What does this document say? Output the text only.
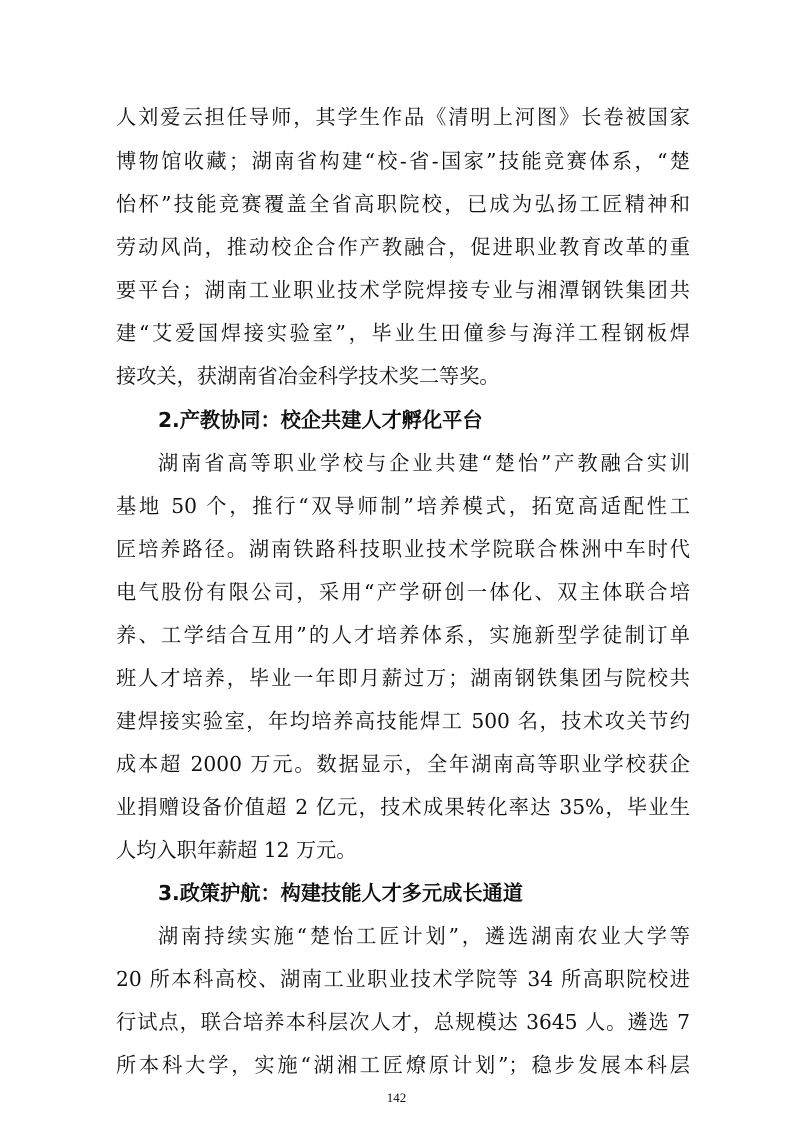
人刘爱云担任导师，其学生作品《清明上河图》长卷被国家
博物馆收藏；湖南省构建“校-省-国家”技能竞赛体系，“楚
怡杯”技能竞赛覆盖全省高职院校，已成为弘扬工匠精神和
劳动风尚，推动校企合作产教融合，促进职业教育改革的重
要平台；湖南工业职业技术学院焊接专业与湘潭钢铁集团共
建“艾爱国焊接实验室”，毕业生田僮参与海洋工程钢板焊
接攻关，获湖南省冶金科学技术奖二等奖。
2.产教协同：校企共建人才孵化平台
湖南省高等职业学校与企业共建“楚怡”产教融合实训
基地 50 个，推行“双导师制”培养模式，拓宽高适配性工
匠培养路径。湖南铁路科技职业技术学院联合株洲中车时代
电气股份有限公司，采用“产学研创一体化、双主体联合培
养、工学结合互用”的人才培养体系，实施新型学徒制订单
班人才培养，毕业一年即月薪过万；湖南钢铁集团与院校共
建焊接实验室，年均培养高技能焊工 500 名，技术攻关节约
成本超 2000 万元。数据显示，全年湖南高等职业学校获企
业捐赠设备价值超 2 亿元，技术成果转化率达 35%，毕业生
人均入职年薪超 12 万元。
3.政策护航：构建技能人才多元成长通道
湖南持续实施“楚怡工匠计划”，遴选湖南农业大学等
20 所本科高校、湖南工业职业技术学院等 34 所高职院校进
行试点，联合培养本科层次人才，总规模达 3645 人。遴选 7
所本科大学，实施“湖湘工匠燎原计划”；稳步发展本科层
142
